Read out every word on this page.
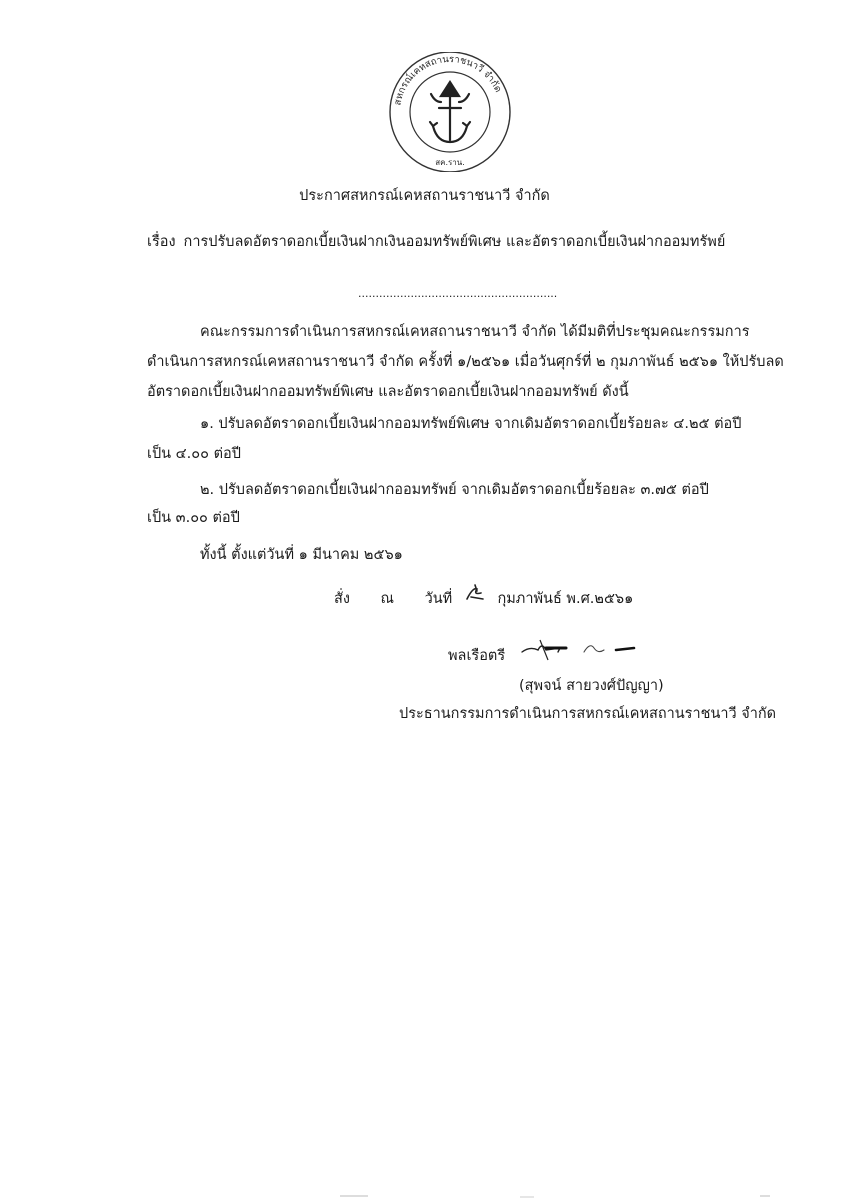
สหกรณ์เคหสถานราชนาวี จำกัด
สค.ราน.
ประกาศสหกรณ์เคหสถานราชนาวี จำกัด
เรื่อง การปรับลดอัตราดอกเบี้ยเงินฝากเงินออมทรัพย์พิเศษ และอัตราดอกเบี้ยเงินฝากออมทรัพย์
.........................................................
คณะกรรมการดำเนินการสหกรณ์เคหสถานราชนาวี จำกัด ได้มีมติที่ประชุมคณะกรรมการ
ดำเนินการสหกรณ์เคหสถานราชนาวี จำกัด ครั้งที่ ๑/๒๕๖๑ เมื่อวันศุกร์ที่ ๒ กุมภาพันธ์ ๒๕๖๑ ให้ปรับลด
อัตราดอกเบี้ยเงินฝากออมทรัพย์พิเศษ และอัตราดอกเบี้ยเงินฝากออมทรัพย์ ดังนี้
๑. ปรับลดอัตราดอกเบี้ยเงินฝากออมทรัพย์พิเศษ จากเดิมอัตราดอกเบี้ยร้อยละ ๔.๒๕ ต่อปี
เป็น ๔.๐๐ ต่อปี
๒. ปรับลดอัตราดอกเบี้ยเงินฝากออมทรัพย์ จากเดิมอัตราดอกเบี้ยร้อยละ ๓.๗๕ ต่อปี
เป็น ๓.๐๐ ต่อปี
ทั้งนี้ ตั้งแต่วันที่ ๑ มีนาคม ๒๕๖๑
สั่ง ณ วันที่	กุมภาพันธ์ พ.ศ.๒๕๖๑
พลเรือตรี
(สุพจน์ สายวงศ์ปัญญา)
ประธานกรรมการดำเนินการสหกรณ์เคหสถานราชนาวี จำกัด
